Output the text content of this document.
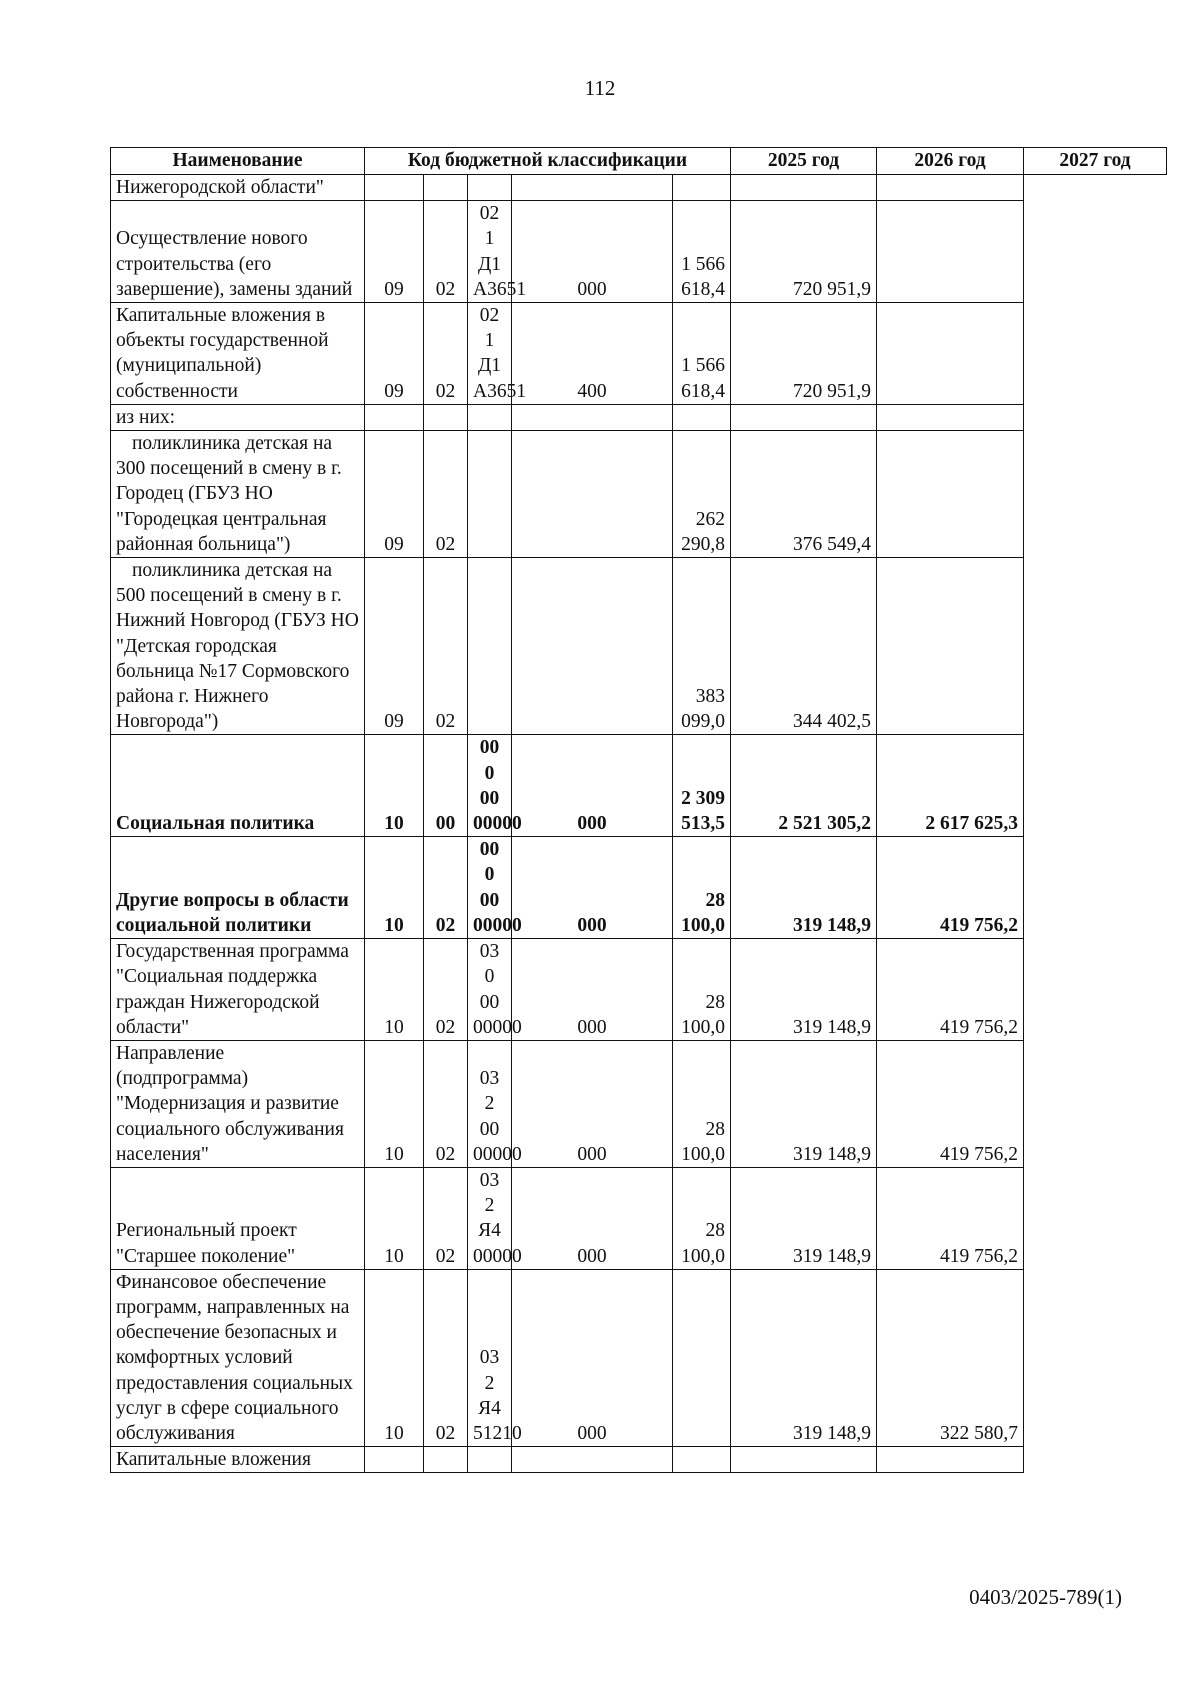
112
Наименование	Код бюджетной классификации					2025 год	2026 год	2027 год
Нижегородской области"								
Осуществление нового строительства (его завершение), замены зданий	09	02	02 1 Д1 А3651	000	1 566 618,4	720 951,9		
Капитальные вложения в объекты государственной (муниципальной) собственности	09	02	02 1 Д1 А3651	400	1 566 618,4	720 951,9		
из них:								
поликлиника детская на 300 посещений в смену в г. Городец (ГБУЗ НО "Городецкая центральная районная больница")	09	02			262 290,8	376 549,4		
поликлиника детская на 500 посещений в смену в г. Нижний Новгород (ГБУЗ НО "Детская городская больница №17 Сормовского района г. Нижнего Новгорода")	09	02			383 099,0	344 402,5		
Социальная политика	10	00	00 0 00 00000	000	2 309 513,5	2 521 305,2	2 617 625,3	
Другие вопросы в области социальной политики	10	02	00 0 00 00000	000	28 100,0	319 148,9	419 756,2	
Государственная программа "Социальная поддержка граждан Нижегородской области"	10	02	03 0 00 00000	000	28 100,0	319 148,9	419 756,2	
Направление (подпрограмма) "Модернизация и развитие социального обслуживания населения"	10	02	03 2 00 00000	000	28 100,0	319 148,9	419 756,2	
Региональный проект "Старшее поколение"	10	02	03 2 Я4 00000	000	28 100,0	319 148,9	419 756,2	
Финансовое обеспечение программ, направленных на обеспечение безопасных и комфортных условий предоставления социальных услуг в сфере социального обслуживания	10	02	03 2 Я4 51210	000		319 148,9	322 580,7	
Капитальные вложения								
0403/2025-789(1)
